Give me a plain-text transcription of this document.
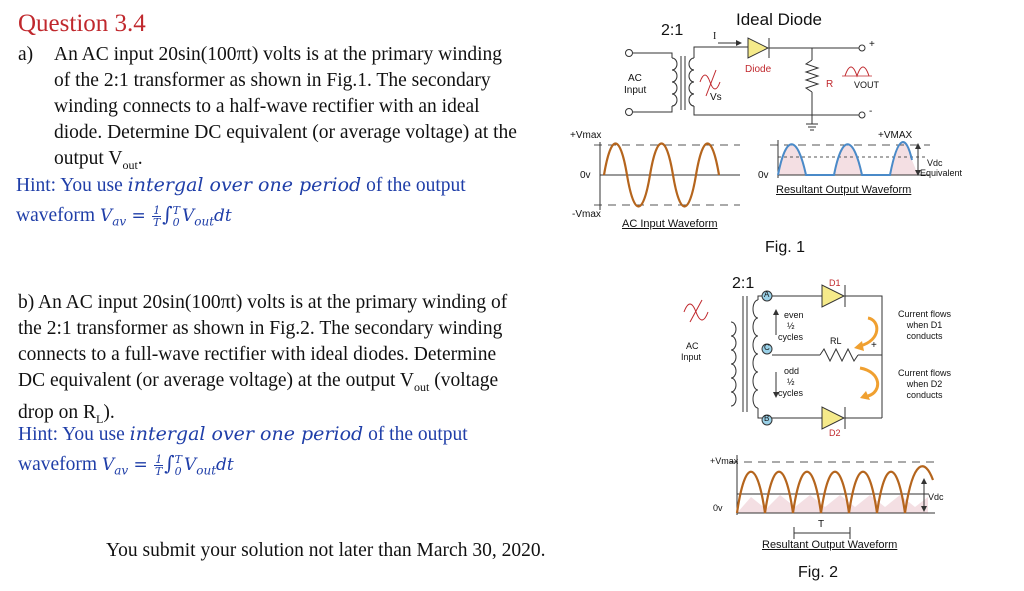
Question 3.4
a) An AC input 20sin(100πt) volts is at the primary winding
of the 2:1 transformer as shown in Fig.1. The secondary
winding connects to a half-wave rectifier with an ideal
diode. Determine DC equivalent (or average voltage) at the
output $V_{out}$.
Hint: You use intergal over one period of the output
waveform $V_{av} = \frac{1}{T}$ ∫ T
0 $V_{out}dt$
b) An AC input 20sin(100πt) volts is at the primary winding of
the 2:1 transformer as shown in Fig.2. The secondary winding
connects to a full-wave rectifier with ideal diodes. Determine
DC equivalent (or average voltage) at the output $V_{out}$ (voltage
drop on $R_L$).
Hint: You use intergal over one period of the output
waveform $V_{av} = \frac{1}{T}$ ∫ T
0 $V_{out}dt$
You submit your solution not later than March 30, 2020.
2:1
Ideal Diode
I
AC
Input
Vs
Diode
R VOUT
+
-
+Vmax
0v
-Vmax
AC Input Waveform
+VMAX
0v
Vdc
Equivalent
Resultant Output Waveform
Fig. 1
2:1	D1
D2
A
C
B
even
½
cycles
odd
½
cycles
RL	+
AC
Input
Current flows
when D1
conducts
Current flows
when D2
conducts
+Vmax
0v
Vdc
T
Resultant Output Waveform
Fig. 2
